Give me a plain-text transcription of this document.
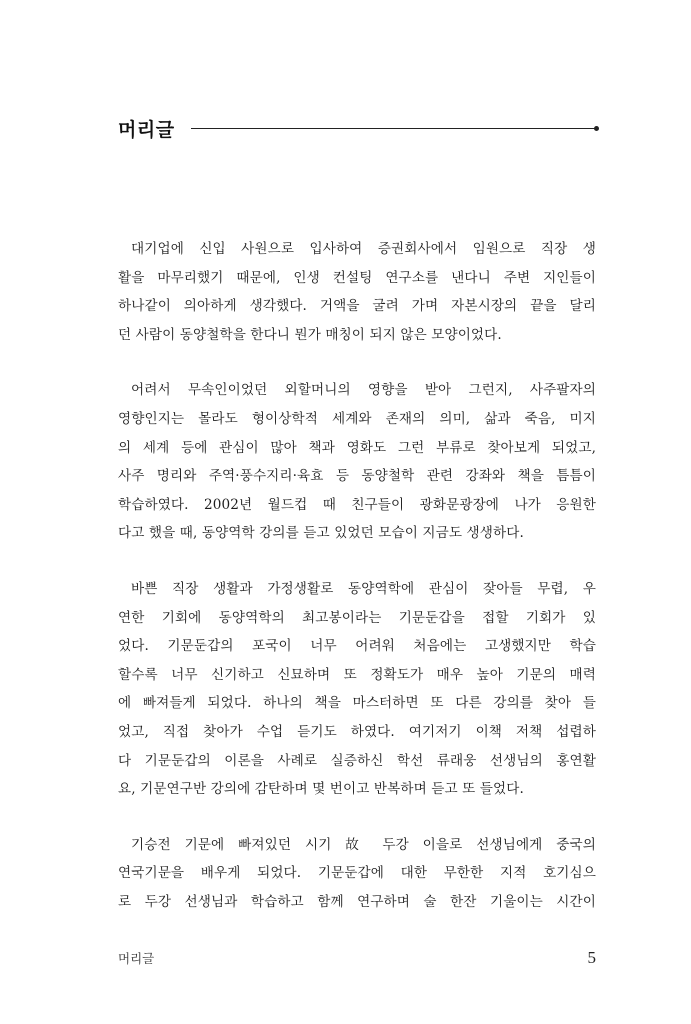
머리글
대기업에 신입 사원으로 입사하여 증권회사에서 임원으로 직장 생
활을 마무리했기 때문에, 인생 컨설팅 연구소를 낸다니 주변 지인들이
하나같이 의아하게 생각했다. 거액을 굴려 가며 자본시장의 끝을 달리
던 사람이 동양철학을 한다니 뭔가 매칭이 되지 않은 모양이었다.
어려서 무속인이었던 외할머니의 영향을 받아 그런지, 사주팔자의
영향인지는 몰라도 형이상학적 세계와 존재의 의미, 삶과 죽음, 미지
의 세계 등에 관심이 많아 책과 영화도 그런 부류로 찾아보게 되었고,
사주 명리와 주역·풍수지리·육효 등 동양철학 관련 강좌와 책을 틈틈이
학습하였다. 2002년 월드컵 때 친구들이 광화문광장에 나가 응원한
다고 했을 때, 동양역학 강의를 듣고 있었던 모습이 지금도 생생하다.
바쁜 직장 생활과 가정생활로 동양역학에 관심이 잦아들 무렵, 우
연한 기회에 동양역학의 최고봉이라는 기문둔갑을 접할 기회가 있
었다. 기문둔갑의 포국이 너무 어려워 처음에는 고생했지만 학습
할수록 너무 신기하고 신묘하며 또 정확도가 매우 높아 기문의 매력
에 빠져들게 되었다. 하나의 책을 마스터하면 또 다른 강의를 찾아 들
었고, 직접 찾아가 수업 듣기도 하였다. 여기저기 이책 저책 섭렵하
다 기문둔갑의 이론을 사례로 실증하신 학선 류래웅 선생님의 홍연활
요, 기문연구반 강의에 감탄하며 몇 번이고 반복하며 듣고 또 들었다.
기승전 기문에 빠져있던 시기 故 두강 이을로 선생님에게 중국의
연국기문을 배우게 되었다. 기문둔갑에 대한 무한한 지적 호기심으
로 두강 선생님과 학습하고 함께 연구하며 술 한잔 기울이는 시간이
머리글	5
